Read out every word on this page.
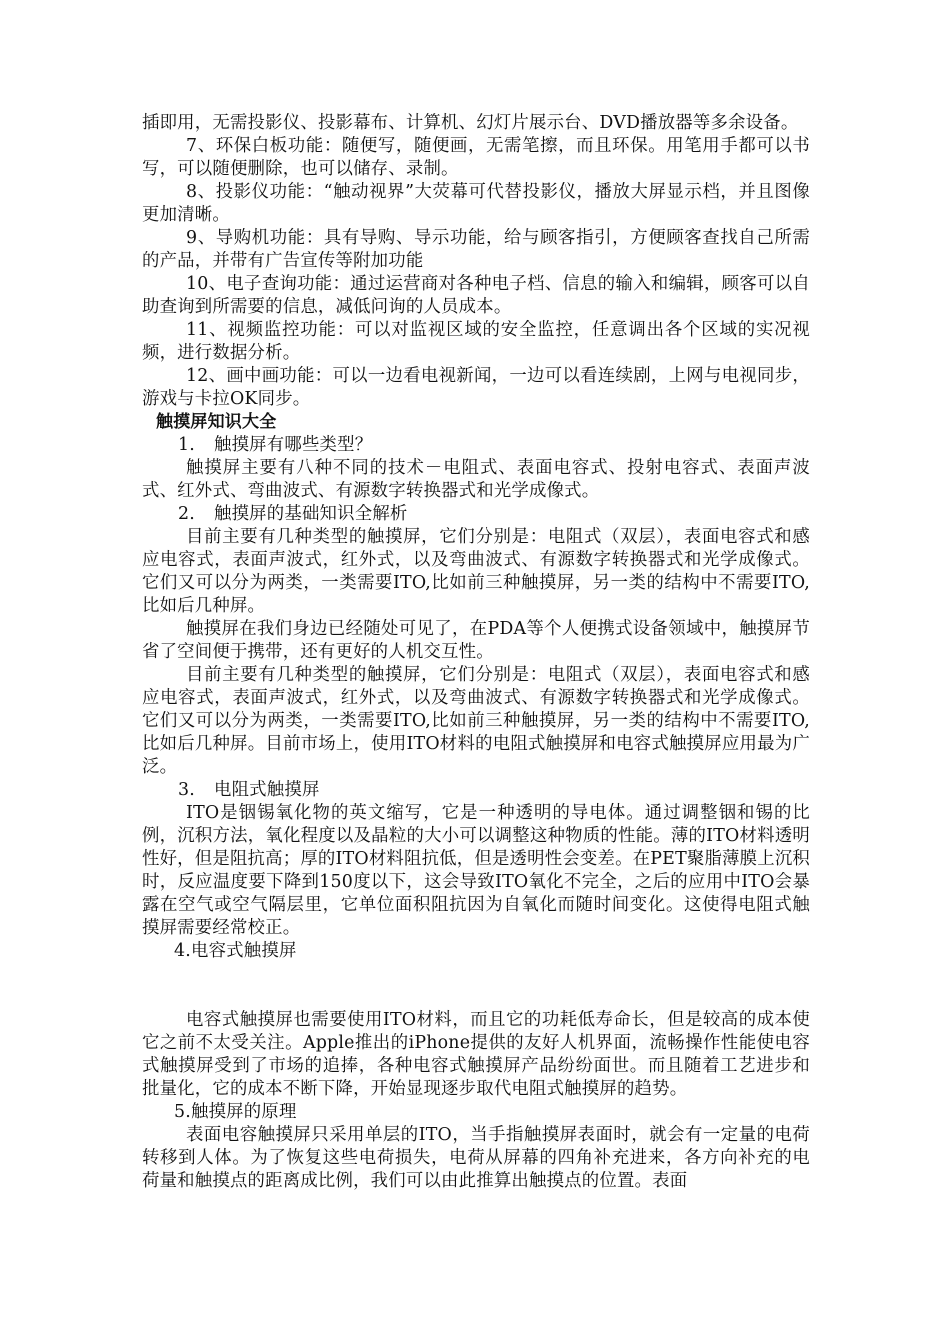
插即用，无需投影仪、投影幕布、计算机、幻灯片展示台、DVD播放器等多余设备。

7、环保白板功能：随便写，随便画，无需笔擦，而且环保。用笔用手都可以书写，可以随便删除，也可以储存、录制。

8、投影仪功能：“触动视界”大荧幕可代替投影仪，播放大屏显示档，并且图像更加清晰。

9、导购机功能：具有导购、导示功能，给与顾客指引，方便顾客查找自己所需的产品，并带有广告宣传等附加功能

10、电子查询功能：通过运营商对各种电子档、信息的输入和编辑，顾客可以自助查询到所需要的信息，减低问询的人员成本。

11、视频监控功能：可以对监视区域的安全监控，任意调出各个区域的实况视频，进行数据分析。

12、画中画功能：可以一边看电视新闻，一边可以看连续剧，上网与电视同步，游戏与卡拉OK同步。

触摸屏知识大全

1. 触摸屏有哪些类型？

触摸屏主要有八种不同的技术－电阻式、表面电容式、投射电容式、表面声波式、红外式、弯曲波式、有源数字转换器式和光学成像式。

2. 触摸屏的基础知识全解析

目前主要有几种类型的触摸屏，它们分别是：电阻式（双层），表面电容式和感应电容式，表面声波式，红外式，以及弯曲波式、有源数字转换器式和光学成像式。它们又可以分为两类，一类需要ITO,比如前三种触摸屏，另一类的结构中不需要ITO, 比如后几种屏。

触摸屏在我们身边已经随处可见了，在PDA等个人便携式设备领域中，触摸屏节省了空间便于携带，还有更好的人机交互性。

目前主要有几种类型的触摸屏，它们分别是：电阻式（双层），表面电容式和感应电容式，表面声波式，红外式，以及弯曲波式、有源数字转换器式和光学成像式。它们又可以分为两类，一类需要ITO,比如前三种触摸屏，另一类的结构中不需要ITO, 比如后几种屏。目前市场上，使用ITO材料的电阻式触摸屏和电容式触摸屏应用最为广泛。

3. 电阻式触摸屏

ITO是铟锡氧化物的英文缩写，它是一种透明的导电体。通过调整铟和锡的比例，沉积方法，氧化程度以及晶粒的大小可以调整这种物质的性能。薄的ITO材料透明性好，但是阻抗高；厚的ITO材料阻抗低，但是透明性会变差。在PET聚脂薄膜上沉积时，反应温度要下降到150度以下，这会导致ITO氧化不完全，之后的应用中ITO会暴露在空气或空气隔层里，它单位面积阻抗因为自氧化而随时间变化。这使得电阻式触摸屏需要经常校正。

4.电容式触摸屏

电容式触摸屏也需要使用ITO材料，而且它的功耗低寿命长，但是较高的成本使它之前不太受关注。Apple推出的iPhone提供的友好人机界面，流畅操作性能使电容式触摸屏受到了市场的追捧，各种电容式触摸屏产品纷纷面世。而且随着工艺进步和批量化，它的成本不断下降，开始显现逐步取代电阻式触摸屏的趋势。

5.触摸屏的原理

表面电容触摸屏只采用单层的ITO，当手指触摸屏表面时，就会有一定量的电荷转移到人体。为了恢复这些电荷损失，电荷从屏幕的四角补充进来，各方向补充的电荷量和触摸点的距离成比例，我们可以由此推算出触摸点的位置。表面
